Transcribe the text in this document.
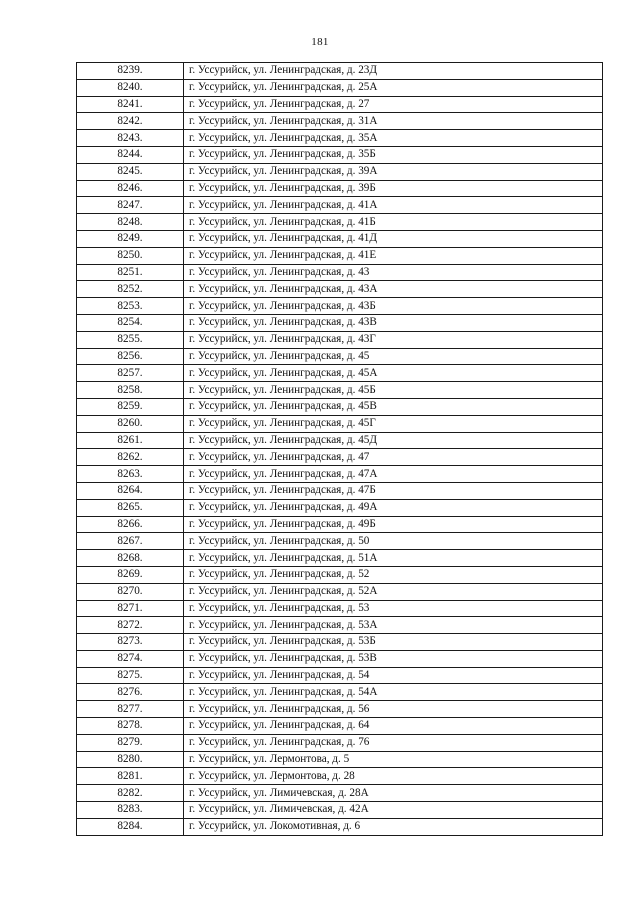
181
8239.	г. Уссурийск, ул. Ленинградская, д. 23Д
8240.	г. Уссурийск, ул. Ленинградская, д. 25А
8241.	г. Уссурийск, ул. Ленинградская, д. 27
8242.	г. Уссурийск, ул. Ленинградская, д. 31А
8243.	г. Уссурийск, ул. Ленинградская, д. 35А
8244.	г. Уссурийск, ул. Ленинградская, д. 35Б
8245.	г. Уссурийск, ул. Ленинградская, д. 39А
8246.	г. Уссурийск, ул. Ленинградская, д. 39Б
8247.	г. Уссурийск, ул. Ленинградская, д. 41А
8248.	г. Уссурийск, ул. Ленинградская, д. 41Б
8249.	г. Уссурийск, ул. Ленинградская, д. 41Д
8250.	г. Уссурийск, ул. Ленинградская, д. 41Е
8251.	г. Уссурийск, ул. Ленинградская, д. 43
8252.	г. Уссурийск, ул. Ленинградская, д. 43А
8253.	г. Уссурийск, ул. Ленинградская, д. 43Б
8254.	г. Уссурийск, ул. Ленинградская, д. 43В
8255.	г. Уссурийск, ул. Ленинградская, д. 43Г
8256.	г. Уссурийск, ул. Ленинградская, д. 45
8257.	г. Уссурийск, ул. Ленинградская, д. 45А
8258.	г. Уссурийск, ул. Ленинградская, д. 45Б
8259.	г. Уссурийск, ул. Ленинградская, д. 45В
8260.	г. Уссурийск, ул. Ленинградская, д. 45Г
8261.	г. Уссурийск, ул. Ленинградская, д. 45Д
8262.	г. Уссурийск, ул. Ленинградская, д. 47
8263.	г. Уссурийск, ул. Ленинградская, д. 47А
8264.	г. Уссурийск, ул. Ленинградская, д. 47Б
8265.	г. Уссурийск, ул. Ленинградская, д. 49А
8266.	г. Уссурийск, ул. Ленинградская, д. 49Б
8267.	г. Уссурийск, ул. Ленинградская, д. 50
8268.	г. Уссурийск, ул. Ленинградская, д. 51А
8269.	г. Уссурийск, ул. Ленинградская, д. 52
8270.	г. Уссурийск, ул. Ленинградская, д. 52А
8271.	г. Уссурийск, ул. Ленинградская, д. 53
8272.	г. Уссурийск, ул. Ленинградская, д. 53А
8273.	г. Уссурийск, ул. Ленинградская, д. 53Б
8274.	г. Уссурийск, ул. Ленинградская, д. 53В
8275.	г. Уссурийск, ул. Ленинградская, д. 54
8276.	г. Уссурийск, ул. Ленинградская, д. 54А
8277.	г. Уссурийск, ул. Ленинградская, д. 56
8278.	г. Уссурийск, ул. Ленинградская, д. 64
8279.	г. Уссурийск, ул. Ленинградская, д. 76
8280.	г. Уссурийск, ул. Лермонтова, д. 5
8281.	г. Уссурийск, ул. Лермонтова, д. 28
8282.	г. Уссурийск, ул. Лимичевская, д. 28А
8283.	г. Уссурийск, ул. Лимичевская, д. 42А
8284.	г. Уссурийск, ул. Локомотивная, д. 6
